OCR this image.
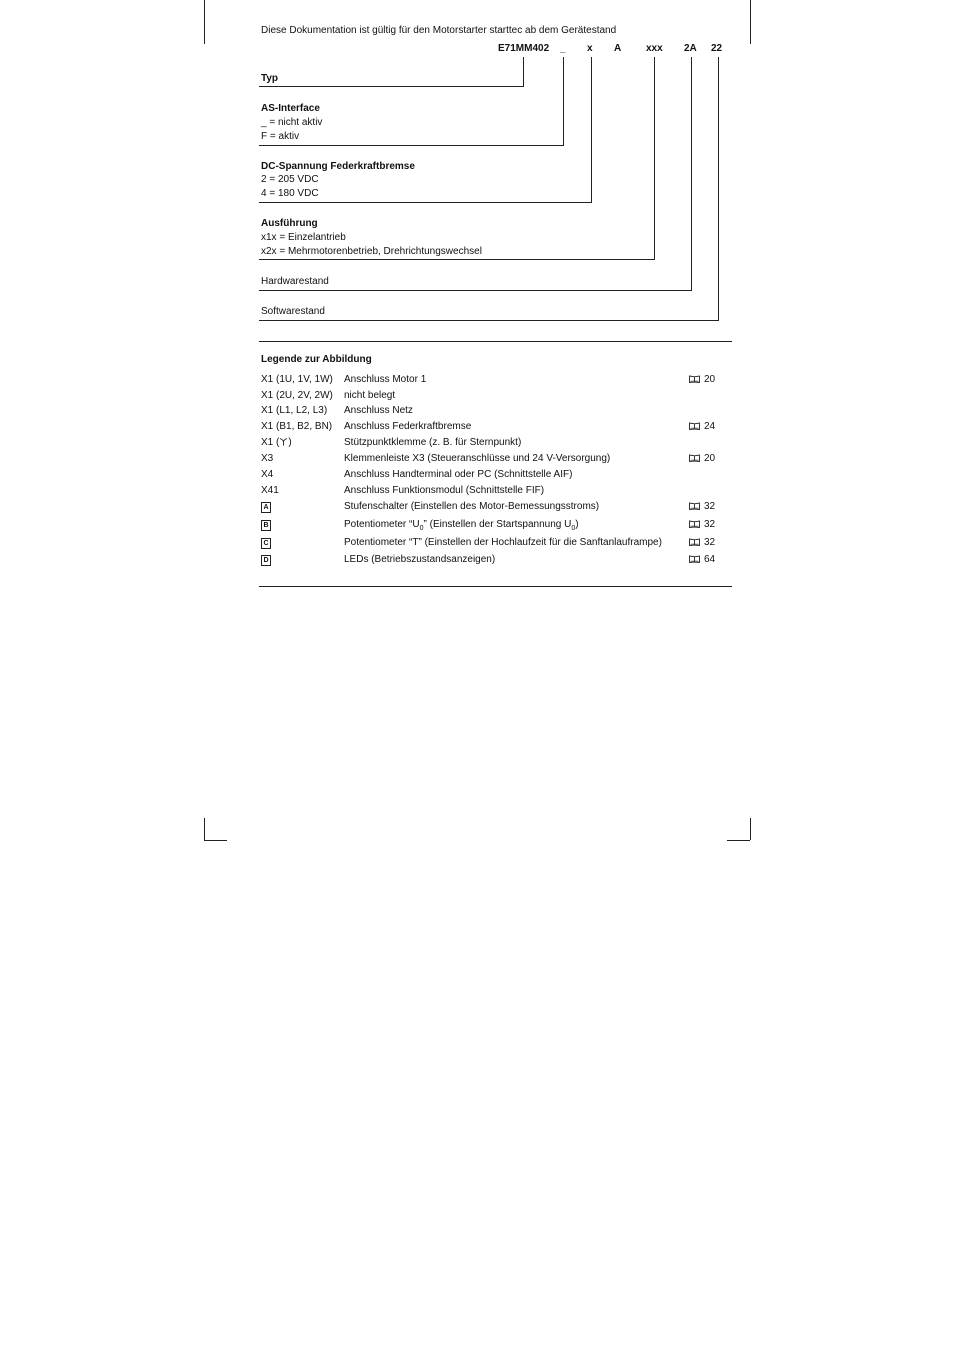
Diese Dokumentation ist gültig für den Motorstarter starttec ab dem Gerätestand
E71MM402 _ x A xxx 2A 22
Typ
AS-Interface
_ = nicht aktiv
F = aktiv
DC-Spannung Federkraftbremse
2 = 205 VDC
4 = 180 VDC
Ausführung
x1x = Einzelantrieb
x2x = Mehrmotorenbetrieb, Drehrichtungswechsel
Hardwarestand
Softwarestand
Legende zur Abbildung
X1 (1U, 1V, 1W) Anschluss Motor 1	20
X1 (2U, 2V, 2W) nicht belegt
X1 (L1, L2, L3) Anschluss Netz
X1 (B1, B2, BN) Anschluss Federkraftbremse	24
X1 ( )	Stützpunktklemme (z. B. für Sternpunkt)
X3	Klemmenleiste X3 (Steueranschlüsse und 24 V-Versorgung)	20
X4	Anschluss Handterminal oder PC (Schnittstelle AIF)
X41	Anschluss Funktionsmodul (Schnittstelle FIF)
A	Stufenschalter (Einstellen des Motor-Bemessungsstroms)	32
B	Potentiometer “$U_0$” (Einstellen der Startspannung $U_0$)	32
C	Potentiometer “T” (Einstellen der Hochlaufzeit für die Sanftanlauframpe)	32
D	LEDs (Betriebszustandsanzeigen)	64
